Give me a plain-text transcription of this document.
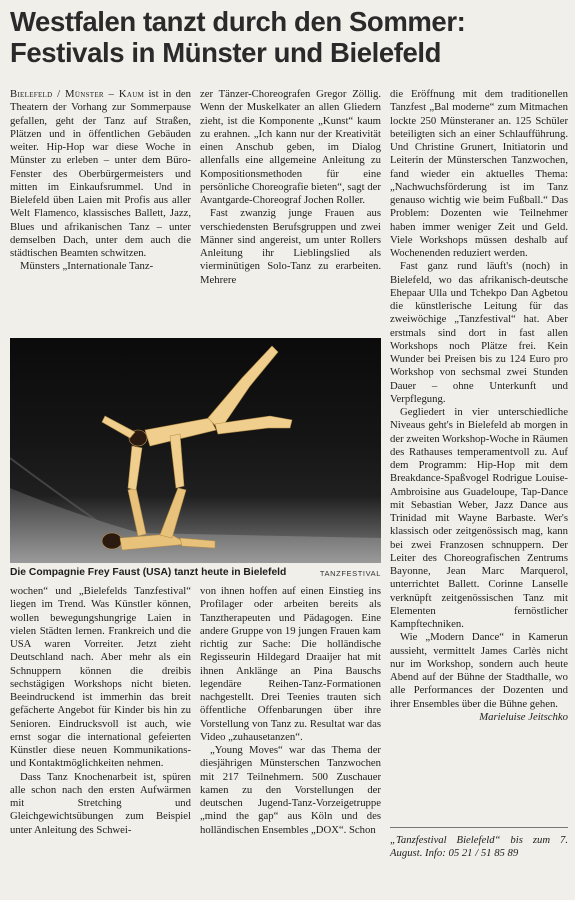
Westfalen tanzt durch den Sommer:
Festivals in Münster und Bielefeld

Bielefeld / Münster – Kaum ist in den Theatern der Vorhang zur Sommerpause gefallen, geht der Tanz auf Straßen, Plätzen und in öffentlichen Gebäuden weiter. Hip-Hop war diese Woche in Münster zu erleben – unter dem Büro-Fenster des Oberbürgermeisters und mitten im Einkaufsrummel. Und in Bielefeld üben Laien mit Profis aus aller Welt Flamenco, klassisches Ballett, Jazz, Blues und afrikanischen Tanz – unter demselben Dach, unter dem auch die städtischen Beamten schwitzen.

Münsters „Internationale Tanz-

zer Tänzer-Choreografen Gregor Zöllig. Wenn der Muskelkater an allen Gliedern zieht, ist die Komponente „Kunst“ kaum zu erahnen. „Ich kann nur der Kreativität einen Anschub geben, im Dialog allenfalls eine allgemeine Anleitung zu Kompositionsmethoden für eine persönliche Choreografie bieten“, sagt der Avantgarde-Choreograf Jochen Roller.

Fast zwanzig junge Frauen aus verschiedensten Berufsgruppen und zwei Männer sind angereist, um unter Rollers Anleitung ihr Lieblingslied als vierminütigen Solo-Tanz zu erarbeiten. Mehrere

Die Compagnie Frey Faust (USA) tanzt heute in Bielefeld	TANZFESTIVAL

wochen“ und „Bielefelds Tanzfestival“ liegen im Trend. Was Künstler können, wollen bewegungshungrige Laien in vielen Städten lernen. Frankreich und die USA waren Vorreiter. Jetzt zieht Deutschland nach. Aber mehr als ein Schnuppern können die dreibis sechstägigen Workshops nicht bieten. Beeindruckend ist immerhin das breit gefächerte Angebot für Kinder bis hin zu Senioren. Eindrucksvoll ist auch, wie ernst sogar die international gefeierten Künstler diese neuen Kommunikations- und Kontaktmöglichkeiten nehmen.

Dass Tanz Knochenarbeit ist, spüren alle schon nach den ersten Aufwärmen mit Stretching und Gleichgewichtsübungen zum Beispiel unter Anleitung des Schwei-

von ihnen hoffen auf einen Einstieg ins Profilager oder arbeiten bereits als Tanztherapeuten und Pädagogen. Eine andere Gruppe von 19 jungen Frauen kam richtig zur Sache: Die holländische Regisseurin Hildegard Draaijer hat mit ihnen Anklänge an Pina Bauschs legendäre Reihen-Tanz-Formationen nachgestellt. Drei Teenies trauten sich öffentliche Offenbarungen über ihre Vorstellung von Tanz zu. Resultat war das Video „zuhausetanzen“.

„Young Moves“ war das Thema der diesjährigen Münsterschen Tanzwochen mit 217 Teilnehmern. 500 Zuschauer kamen zu den Vorstellungen der deutschen Jugend-Tanz-Vorzeigetruppe „mind the gap“ aus Köln und des holländischen Ensembles „DOX“. Schon

die Eröffnung mit dem traditionellen Tanzfest „Bal moderne“ zum Mitmachen lockte 250 Münsteraner an. 125 Schüler beteiligten sich an einer Schlaufführung. Und Christine Grunert, Initiatorin und Leiterin der Münsterschen Tanzwochen, fand wieder ein aktuelles Thema: „Nachwuchsförderung ist im Tanz genauso wichtig wie beim Fußball.“ Das Problem: Dozenten wie Teilnehmer haben immer weniger Zeit und Geld. Viele Workshops müssen deshalb auf Wochenenden reduziert werden.

Fast ganz rund läuft's (noch) in Bielefeld, wo das afrikanisch-deutsche Ehepaar Ulla und Tchekpo Dan Agbetou die künstlerische Leitung für das zweiwöchige „Tanzfestival“ hat. Aber erstmals sind dort in fast allen Workshops noch Plätze frei. Kein Wunder bei Preisen bis zu 124 Euro pro Workshop von sechsmal zwei Stunden Dauer – ohne Unterkunft und Verpflegung.

Gegliedert in vier unterschiedliche Niveaus geht's in Bielefeld ab morgen in der zweiten Workshop-Woche in Räumen des Rathauses temperamentvoll zu. Auf dem Programm: Hip-Hop mit dem Breakdance-Spaßvogel Rodrigue Louise-Ambroisine aus Guadeloupe, Tap-Dance mit Sebastian Weber, Jazz Dance aus Trinidad mit Wayne Barbaste. Wer's klassisch oder zeitgenössisch mag, kann bei zwei Franzosen schnuppern. Der Leiter des Choreografischen Zentrums Bayonne, Jean Marc Marquerol, unterrichtet Ballett. Corinne Lanselle verknüpft zeitgenössischen Tanz mit Elementen fernöstlicher Kampftechniken.

Wie „Modern Dance“ in Kamerun aussieht, vermittelt James Carlès nicht nur im Workshop, sondern auch heute Abend auf der Bühne der Stadthalle, wo alle Performances der Dozenten und ihrer Ensembles über die Bühne gehen.

Marieluise Jeitschko

„Tanzfestival Bielefeld“ bis zum 7. August. Info: 05 21 / 51 85 89
